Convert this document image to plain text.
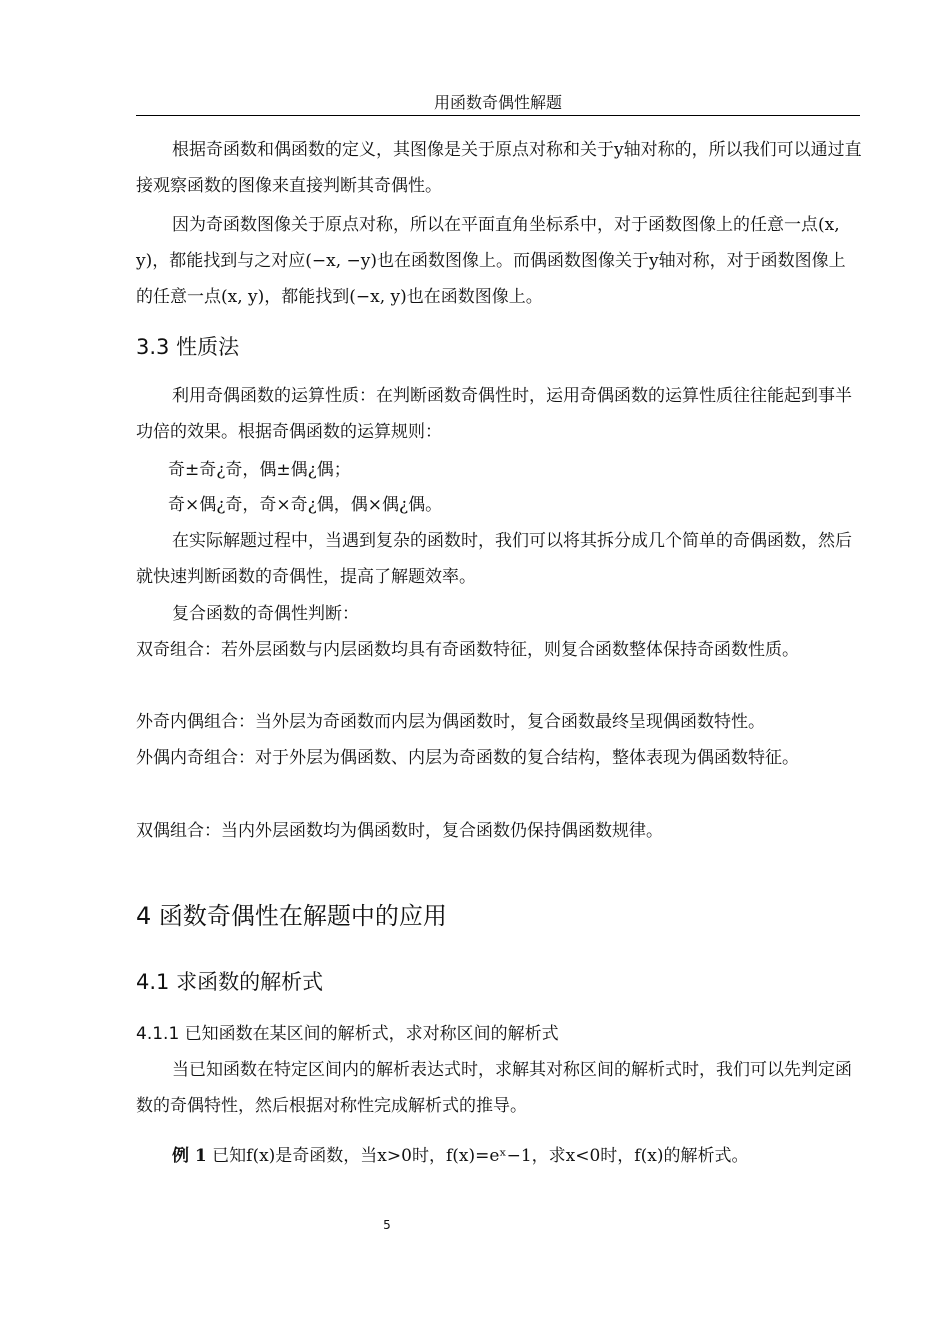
用函数奇偶性解题

根据奇函数和偶函数的定义，其图像是关于原点对称和关于y轴对称的，所以我们可以通过直接观察函数的图像来直接判断其奇偶性。

因为奇函数图像关于原点对称，所以在平面直角坐标系中，对于函数图像上的任意一点(x, y)，都能找到与之对应(−x, −y)也在函数图像上。而偶函数图像关于y轴对称，对于函数图像上的任意一点(x, y)，都能找到(−x, y)也在函数图像上。

3.3 性质法

利用奇偶函数的运算性质：在判断函数奇偶性时，运用奇偶函数的运算性质往往能起到事半功倍的效果。根据奇偶函数的运算规则：

奇±奇¿奇，偶±偶¿偶；

奇×偶¿奇，奇×奇¿偶，偶×偶¿偶。

在实际解题过程中，当遇到复杂的函数时，我们可以将其拆分成几个简单的奇偶函数，然后就快速判断函数的奇偶性，提高了解题效率。

复合函数的奇偶性判断：

双奇组合：若外层函数与内层函数均具有奇函数特征，则复合函数整体保持奇函数性质。

外奇内偶组合：当外层为奇函数而内层为偶函数时，复合函数最终呈现偶函数特性。

外偶内奇组合：对于外层为偶函数、内层为奇函数的复合结构，整体表现为偶函数特征。

双偶组合：当内外层函数均为偶函数时，复合函数仍保持偶函数规律。

4 函数奇偶性在解题中的应用
4.1 求函数的解析式
4.1.1 已知函数在某区间的解析式，求对称区间的解析式

当已知函数在特定区间内的解析表达式时，求解其对称区间的解析式时，我们可以先判定函数的奇偶特性，然后根据对称性完成解析式的推导。

例 1 已知f(x)是奇函数，当x>0时，f(x)=eˣ−1，求x<0时，f(x)的解析式。

5
